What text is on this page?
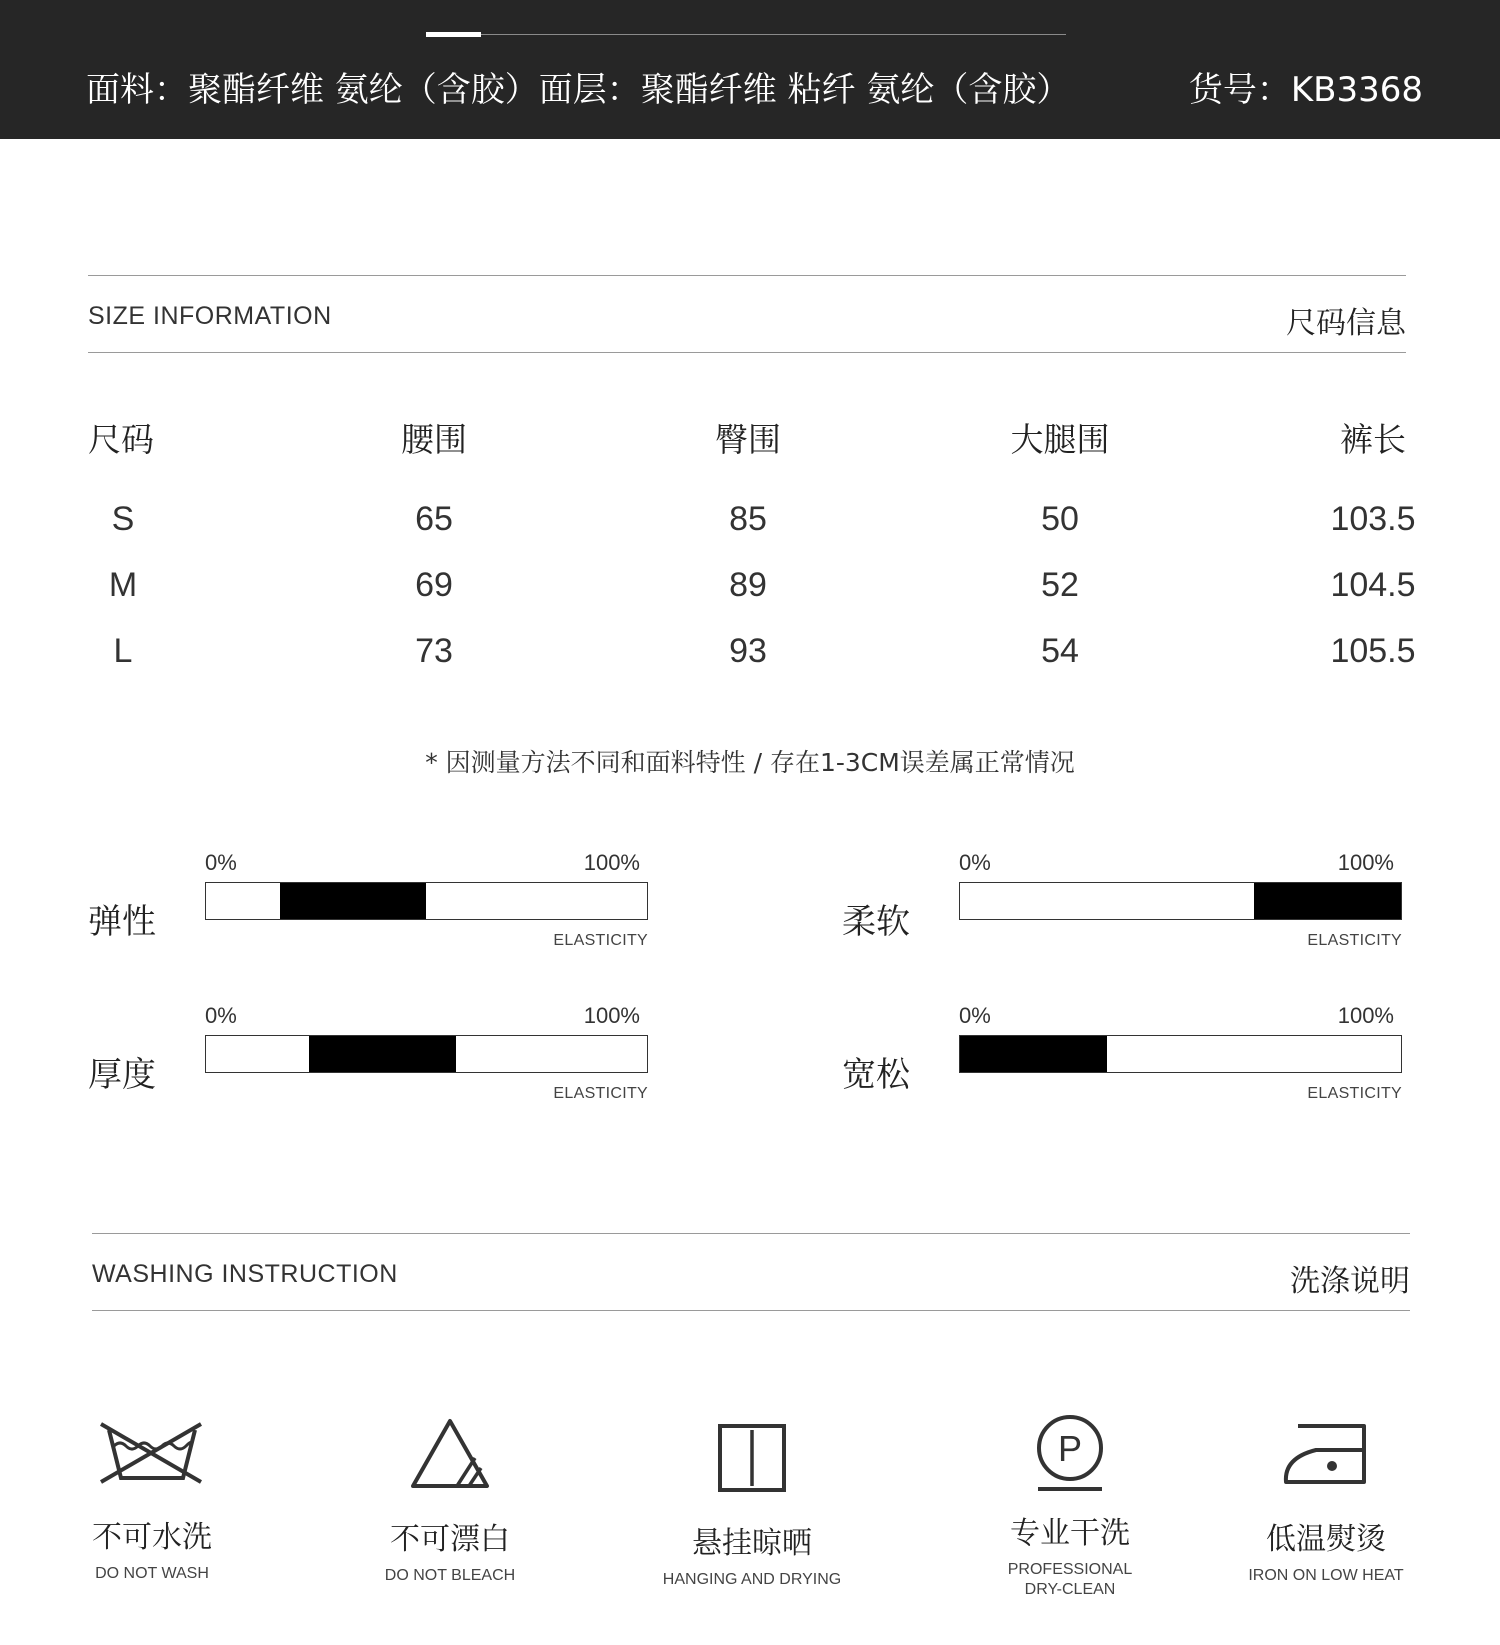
面料：聚酯纤维 氨纶（含胶）面层：聚酯纤维 粘纤 氨纶（含胶）	货号：KB3368
SIZE INFORMATION	尺码信息
尺码	腰围	臀围	大腿围	裤长
S	65	85	50	103.5
M	69	89	52	104.5
L	73	93	54	105.5
* 因测量方法不同和面料特性 / 存在1-3CM误差属正常情况
弹性
0%	100%
ELASTICITY	柔软
0%	100%
ELASTICITY
厚度
0%	100%
ELASTICITY	宽松
0%	100%
ELASTICITY
WASHING INSTRUCTION	洗涤说明
不可水洗
DO NOT WASH
不可漂白
DO NOT BLEACH
悬挂晾晒
HANGING AND DRYING
P
专业干洗
PROFESSIONAL
DRY-CLEAN
低温熨烫
IRON ON LOW HEAT
